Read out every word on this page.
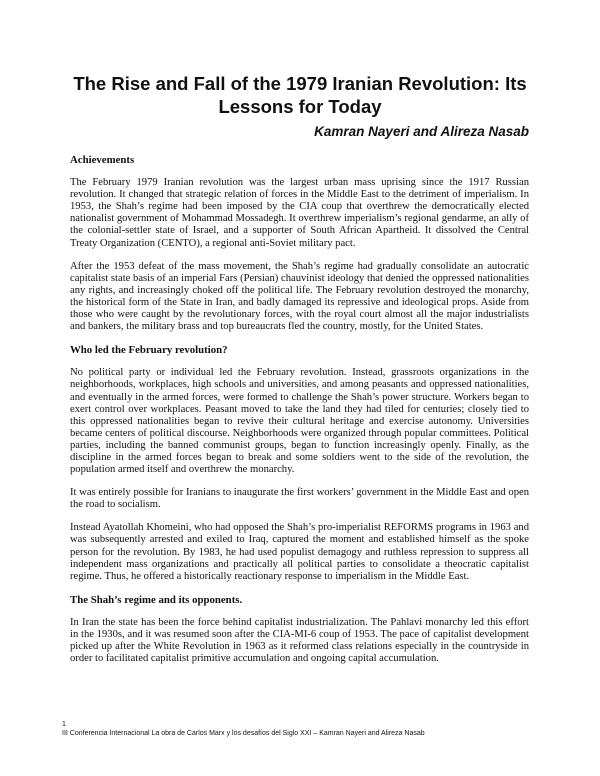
The Rise and Fall of the 1979 Iranian Revolution: Its Lessons for Today
Kamran Nayeri and Alireza Nasab
Achievements

The February 1979 Iranian revolution was the largest urban mass uprising since the 1917 Russian revolution. It changed that strategic relation of forces in the Middle East to the detriment of imperialism. In 1953, the Shah’s regime had been imposed by the CIA coup that overthrew the democratically elected nationalist government of Mohammad Mossadegh. It overthrew imperialism’s regional gendarme, an ally of the colonial-settler state of Israel, and a supporter of South African Apartheid. It dissolved the Central Treaty Organization (CENTO), a regional anti-Soviet military pact.

After the 1953 defeat of the mass movement, the Shah’s regime had gradually consolidate an autocratic capitalist state basis of an imperial Fars (Persian) chauvinist ideology that denied the oppressed nationalities any rights, and increasingly choked off the political life. The February revolution destroyed the monarchy, the historical form of the State in Iran, and badly damaged its repressive and ideological props. Aside from those who were caught by the revolutionary forces, with the royal court almost all the major industrialists and bankers, the military brass and top bureaucrats fled the country, mostly, for the United States.

Who led the February revolution?

No political party or individual led the February revolution. Instead, grassroots organizations in the neighborhoods, workplaces, high schools and universities, and among peasants and oppressed nationalities, and eventually in the armed forces, were formed to challenge the Shah’s power structure. Workers began to exert control over workplaces. Peasant moved to take the land they had tiled for centuries; closely tied to this oppressed nationalities began to revive their cultural heritage and exercise autonomy. Universities became centers of political discourse. Neighborhoods were organized through popular committees. Political parties, including the banned communist groups, began to function increasingly openly. Finally, as the discipline in the armed forces began to break and some soldiers went to the side of the revolution, the population armed itself and overthrew the monarchy.

It was entirely possible for Iranians to inaugurate the first workers’ government in the Middle East and open the road to socialism.

Instead Ayatollah Khomeini, who had opposed the Shah’s pro-imperialist REFORMS programs in 1963 and was subsequently arrested and exiled to Iraq, captured the moment and established himself as the spoke person for the revolution. By 1983, he had used populist demagogy and ruthless repression to suppress all independent mass organizations and practically all political parties to consolidate a theocratic capitalist regime. Thus, he offered a historically reactionary response to imperialism in the Middle East.

The Shah’s regime and its opponents.

In Iran the state has been the force behind capitalist industrialization. The Pahlavi monarchy led this effort in the 1930s, and it was resumed soon after the CIA-MI-6 coup of 1953. The pace of capitalist development picked up after the White Revolution in 1963 as it reformed class relations especially in the countryside in order to facilitated capitalist primitive accumulation and ongoing capital accumulation.

1
III Conferencia Internacional La obra de Carlos Marx y los desafíos del Siglo XXI – Kamran Nayeri and Alireza Nasab
